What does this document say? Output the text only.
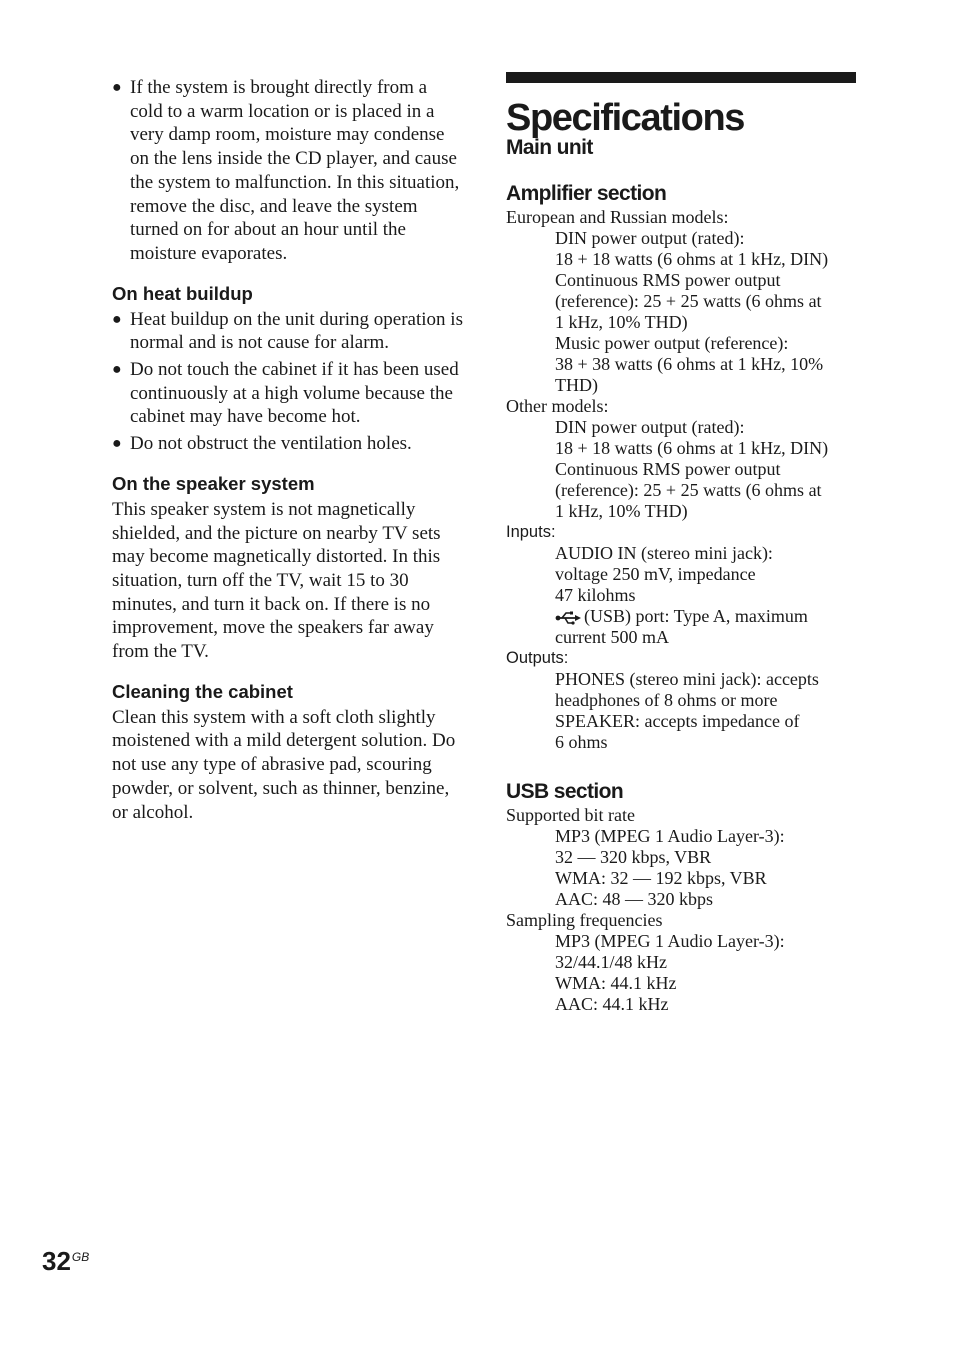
● If the system is brought directly from a cold to a warm location or is placed in a very damp room, moisture may condense on the lens inside the CD player, and cause the system to malfunction. In this situation, remove the disc, and leave the system turned on for about an hour until the moisture evaporates.
On heat buildup
● Heat buildup on the unit during operation is normal and is not cause for alarm.
● Do not touch the cabinet if it has been used continuously at a high volume because the cabinet may have become hot.
● Do not obstruct the ventilation holes.
On the speaker system

This speaker system is not magnetically shielded, and the picture on nearby TV sets may become magnetically distorted. In this situation, turn off the TV, wait 15 to 30 minutes, and turn it back on. If there is no improvement, move the speakers far away from the TV.

Cleaning the cabinet

Clean this system with a soft cloth slightly moistened with a mild detergent solution. Do not use any type of abrasive pad, scouring powder, or solvent, such as thinner, benzine, or alcohol.

Specifications
Main unit
Amplifier section
European and Russian models:
DIN power output (rated):
18 + 18 watts (6 ohms at 1 kHz, DIN)
Continuous RMS power output
(reference): 25 + 25 watts (6 ohms at
1 kHz, 10% THD)
Music power output (reference):
38 + 38 watts (6 ohms at 1 kHz, 10%
THD)
Other models:
DIN power output (rated):
18 + 18 watts (6 ohms at 1 kHz, DIN)
Continuous RMS power output
(reference): 25 + 25 watts (6 ohms at
1 kHz, 10% THD)
Inputs:
AUDIO IN (stereo mini jack):
voltage 250 mV, impedance
47 kilohms
(USB) port: Type A, maximum
current 500 mA
Outputs:
PHONES (stereo mini jack): accepts
headphones of 8 ohms or more
SPEAKER: accepts impedance of
6 ohms
USB section
Supported bit rate
MP3 (MPEG 1 Audio Layer-3):
32 — 320 kbps, VBR
WMA: 32 — 192 kbps, VBR
AAC: 48 — 320 kbps
Sampling frequencies
MP3 (MPEG 1 Audio Layer-3):
32/44.1/48 kHz
WMA: 44.1 kHz
AAC: 44.1 kHz
$32^{GB}$
